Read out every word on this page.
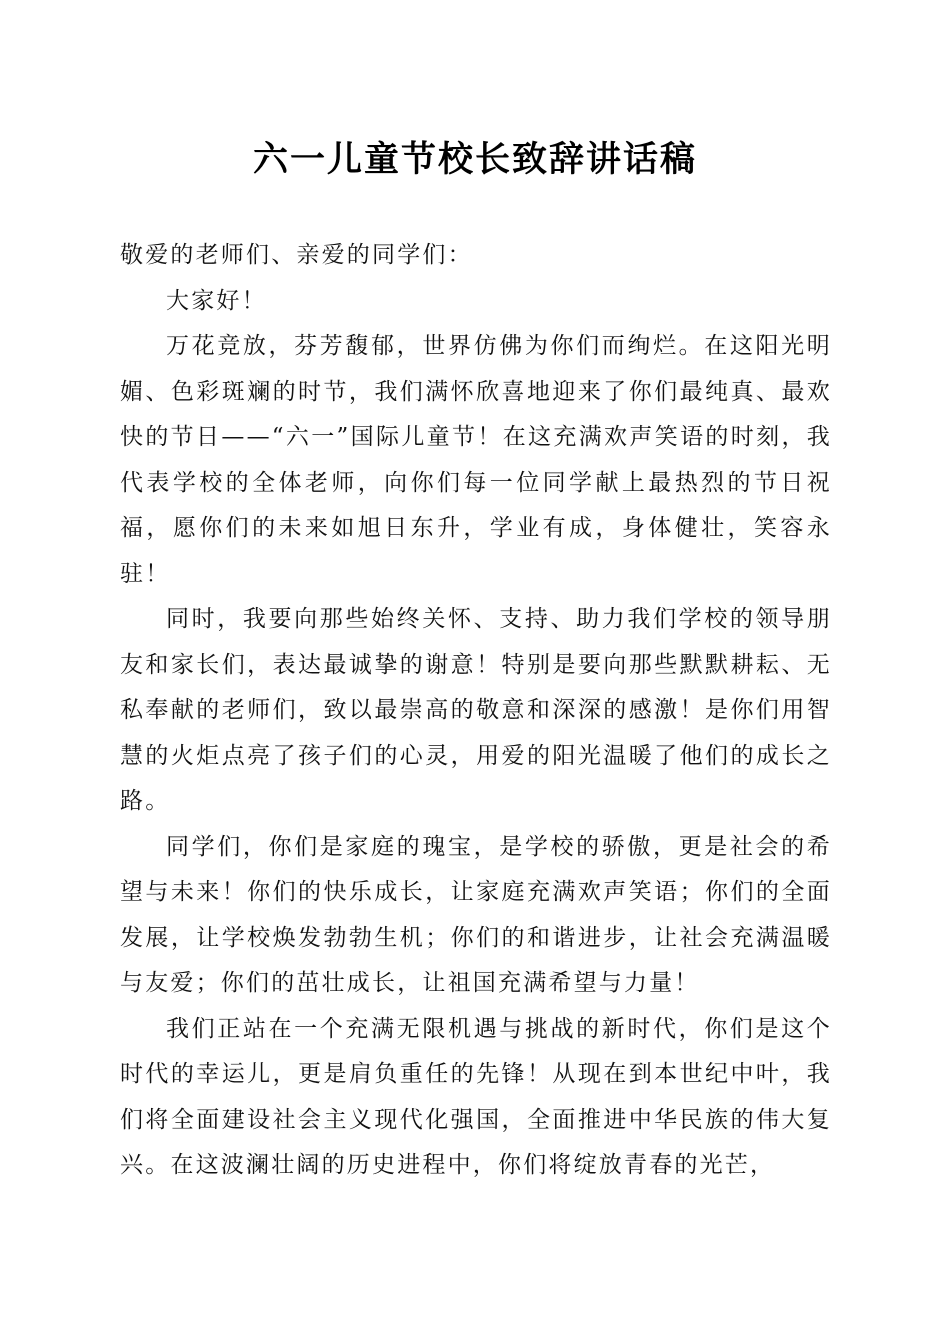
六一儿童节校长致辞讲话稿

敬爱的老师们、亲爱的同学们：

大家好！

万花竞放，芬芳馥郁，世界仿佛为你们而绚烂。在这阳光明媚、色彩斑斓的时节，我们满怀欣喜地迎来了你们最纯真、最欢快的节日——“六一”国际儿童节！在这充满欢声笑语的时刻，我代表学校的全体老师，向你们每一位同学献上最热烈的节日祝福，愿你们的未来如旭日东升，学业有成，身体健壮，笑容永驻！

同时，我要向那些始终关怀、支持、助力我们学校的领导朋友和家长们，表达最诚挚的谢意！特别是要向那些默默耕耘、无私奉献的老师们，致以最崇高的敬意和深深的感激！是你们用智慧的火炬点亮了孩子们的心灵，用爱的阳光温暖了他们的成长之路。

同学们，你们是家庭的瑰宝，是学校的骄傲，更是社会的希望与未来！你们的快乐成长，让家庭充满欢声笑语；你们的全面发展，让学校焕发勃勃生机；你们的和谐进步，让社会充满温暖与友爱；你们的茁壮成长，让祖国充满希望与力量！

我们正站在一个充满无限机遇与挑战的新时代，你们是这个时代的幸运儿，更是肩负重任的先锋！从现在到本世纪中叶，我们将全面建设社会主义现代化强国，全面推进中华民族的伟大复兴。在这波澜壮阔的历史进程中，你们将绽放青春的光芒，
